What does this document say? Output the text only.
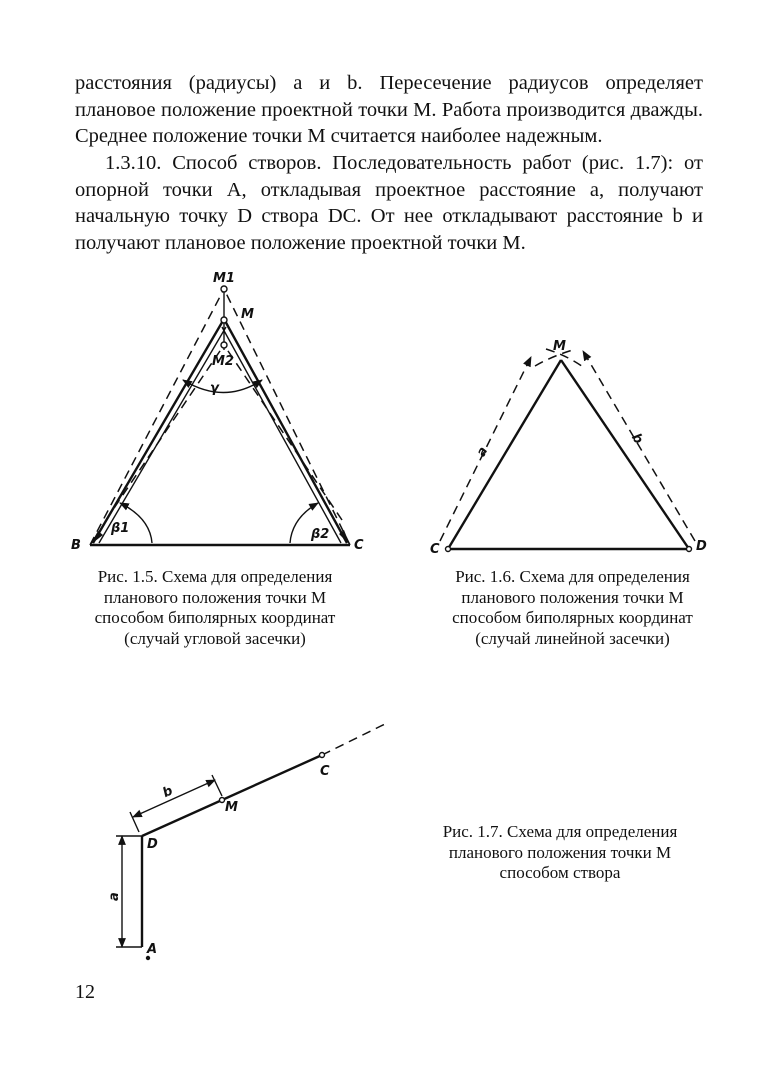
расстояния (радиусы) a и b. Пересечение радиусов определяет плановое положение проектной точки M. Работа производится дважды. Среднее положение точки M считается наиболее надежным.

1.3.10. Способ створов. Последовательность работ (рис. 1.7): от опорной точки A, откладывая проектное расстояние a, получают начальную точку D створа DC. От нее откладывают расстояние b и получают плановое положение проектной точки M.

M1
M
M2
γ
β1	β2
B	C
M
a
b
C	D
A
D
M
C
a
b

Рис. 1.5. Схема для определения планового положения точки M способом биполярных координат (случай угловой засечки)

Рис. 1.6. Схема для определения планового положения точки M способом биполярных координат (случай линейной засечки)

Рис. 1.7. Схема для определения планового положения точки M способом створа

12
